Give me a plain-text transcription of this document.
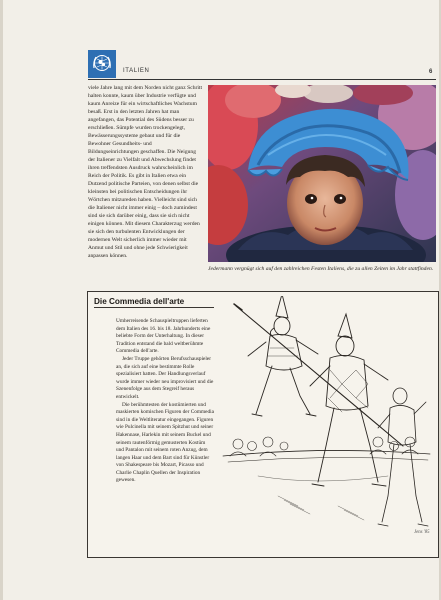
ITALIEN	6
viele Jahre lang mit dem Norden nicht ganz Schritt halten konnte, kaum über Industrie verfügte und kaum Anreize für ein wirtschaftliches Wachstum besaß. Erst in den letzten Jahren hat man angefangen, das Potential des Südens besser zu erschließen. Sümpfe wurden trockengelegt, Bewässerungssysteme gebaut und für die Bewohner Gesundheits- und Bildungseinrichtungen geschaffen. Die Neigung der Italiener zu Vielfalt und Abwechslung findet ihren treffendsten Ausdruck wahrscheinlich im Reich der Politik. Es gibt in Italien etwa ein Dutzend politische Parteien, von denen selbst die kleinsten bei politischen Entscheidungen ihr Wörtchen mitzureden haben. Vielleicht sind sich die Italiener nicht immer einig – doch zumindest sind sie sich darüber einig, dass sie sich nicht einigen können. Mit diesem Charakterzug werden sie sich den turbulenten Entwicklungen der modernen Welt sicherlich immer wieder mit Anmut und Stil und ohne jede Schwierigkeit anpassen können.
Jedermann vergnügt sich auf den zahlreichen Festen Italiens, die zu allen Zeiten im Jahr stattfinden.
Die Commedia dell'arte

Umherreisende Schauspieltruppen lieferten dem Italien des 16. bis 18. Jahrhunderts eine beliebte Form der Unterhaltung. In dieser Tradition entstand die bald weltberühmte Commedia dell'arte.

Jeder Truppe gehörten Berufsschauspieler an, die sich auf eine bestimmte Rolle spezialisiert hatten. Der Handlungsverlauf wurde immer wieder neu improvisiert und die Szenenfolge aus dem Stegreif heraus entwickelt.

Die berühmtesten der kostümierten und maskierten komischen Figuren der Commedia sind in die Weltliteratur eingegangen. Figuren wie Pulcinella mit seinem Spitzhut und seiner Hakennase, Harlekin mit seinem Buckel und seinem rautenförmig gemusterten Kostüm und Pantalon mit seinem roten Anzug, dem langen Haar und dem Bart sind für Künstler von Shakespeare bis Mozart, Picasso und Charlie Chaplin Quellen der Inspiration gewesen.

Jens '85
